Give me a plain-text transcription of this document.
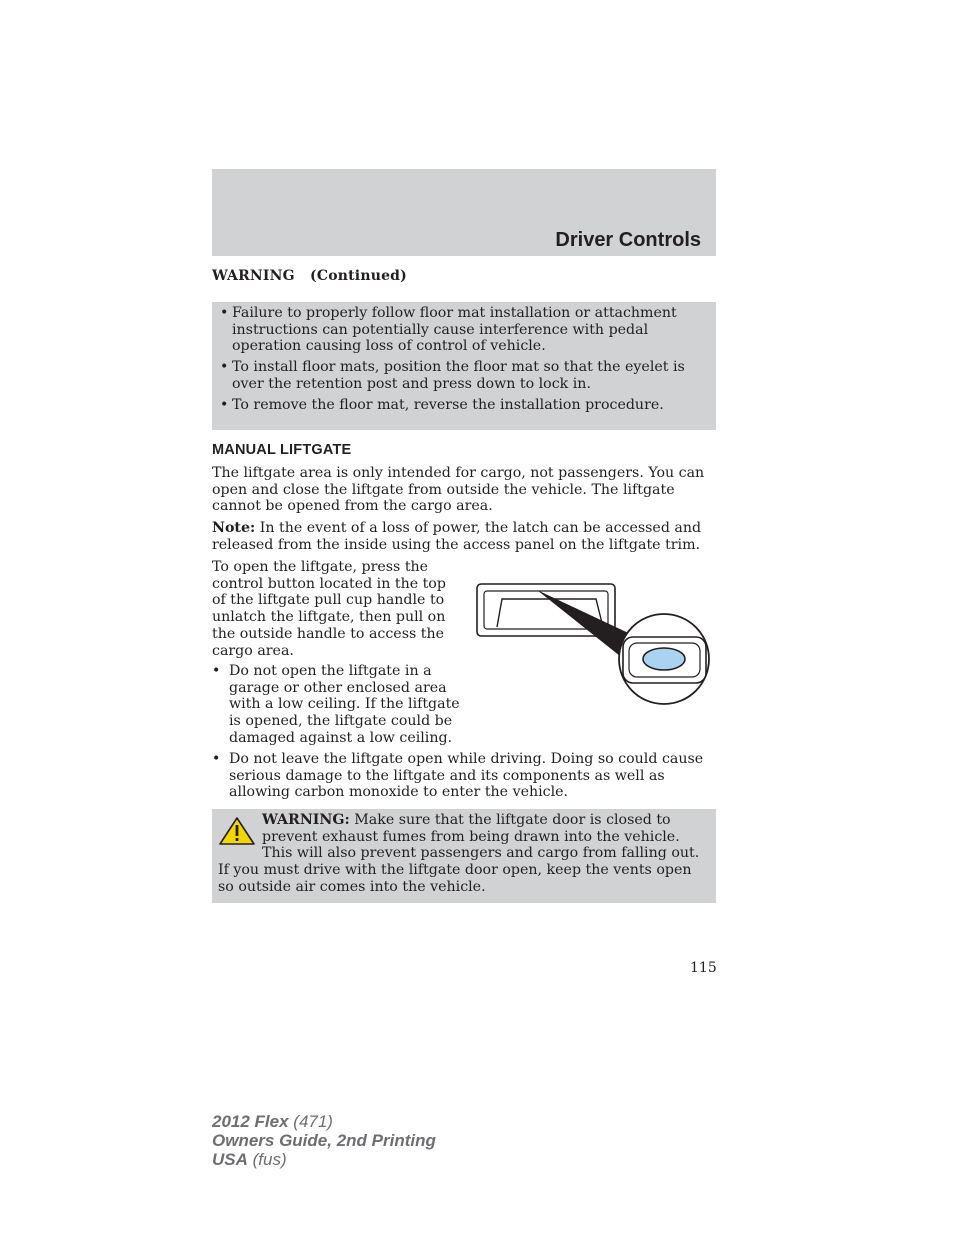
Driver Controls
WARNING   (Continued)
• Failure to properly follow floor mat installation or attachment instructions can potentially cause interference with pedal operation causing loss of control of vehicle.
• To install floor mats, position the floor mat so that the eyelet is over the retention post and press down to lock in.
• To remove the floor mat, reverse the installation procedure.
MANUAL LIFTGATE

The liftgate area is only intended for cargo, not passengers. You can open and close the liftgate from outside the vehicle. The liftgate cannot be opened from the cargo area.

Note: In the event of a loss of power, the latch can be accessed and released from the inside using the access panel on the liftgate trim.

To open the liftgate, press the control button located in the top of the liftgate pull cup handle to unlatch the liftgate, then pull on the outside handle to access the cargo area.

• Do not open the liftgate in a garage or other enclosed area with a low ceiling. If the liftgate is opened, the liftgate could be damaged against a low ceiling.
• Do not leave the liftgate open while driving. Doing so could cause serious damage to the liftgate and its components as well as allowing carbon monoxide to enter the vehicle.
WARNING: Make sure that the liftgate door is closed to prevent exhaust fumes from being drawn into the vehicle. This will also prevent passengers and cargo from falling out. If you must drive with the liftgate door open, keep the vents open so outside air comes into the vehicle.
115
2012 Flex (471)
Owners Guide, 2nd Printing
USA (fus)
